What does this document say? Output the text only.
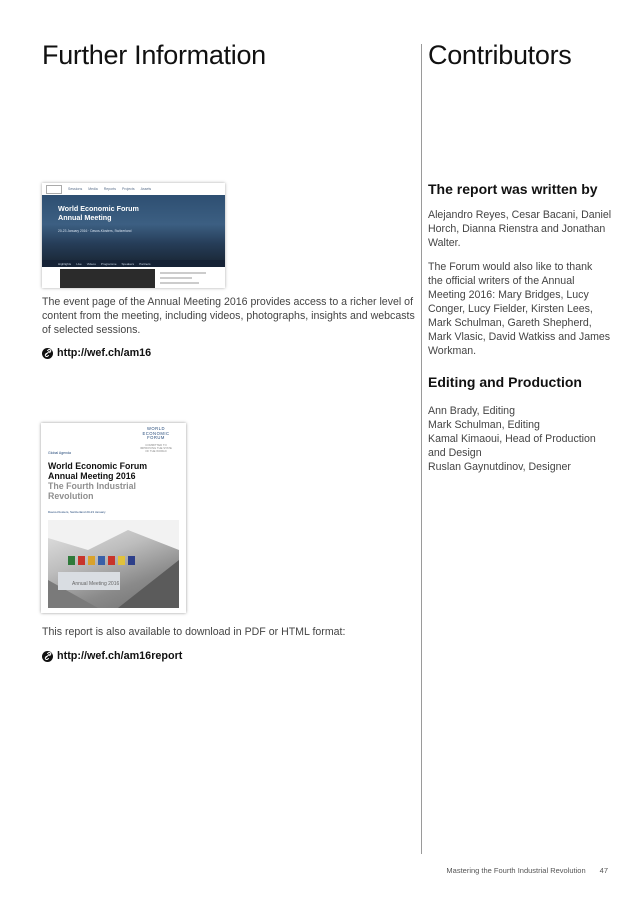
Further Information	Contributors
Sessions Media Reports Projects Assets
World Economic Forum
Annual Meeting
20-23 January 2016 · Davos-Klosters, Switzerland
Highlights Live Videos Programme Speakers Partners

The event page of the Annual Meeting 2016 provides access to a richer level of content from the meeting, including videos, photographs, insights and webcasts of selected sessions.

http://wef.ch/am16
WORLD
ECONOMIC
FORUM
COMMITTED TO IMPROVING THE STATE OF THE WORLD
Global Agenda
World Economic Forum
Annual Meeting 2016
The Fourth Industrial
Revolution
Davos-Klosters, Switzerland 20-23 January
Annual Meeting 2016

This report is also available to download in PDF or HTML format:

http://wef.ch/am16report
The report was written by
Alejandro Reyes, Cesar Bacani, Daniel
Horch, Dianna Rienstra and Jonathan
Walter.
The Forum would also like to thank
the official writers of the Annual
Meeting 2016: Mary Bridges, Lucy
Conger, Lucy Fielder, Kirsten Lees,
Mark Schulman, Gareth Shepherd,
Mark Vlasic, David Watkiss and James
Workman.
Editing and Production
Ann Brady, Editing
Mark Schulman, Editing
Kamal Kimaoui, Head of Production
and Design
Ruslan Gaynutdinov, Designer
Mastering the Fourth Industrial Revolution 47
